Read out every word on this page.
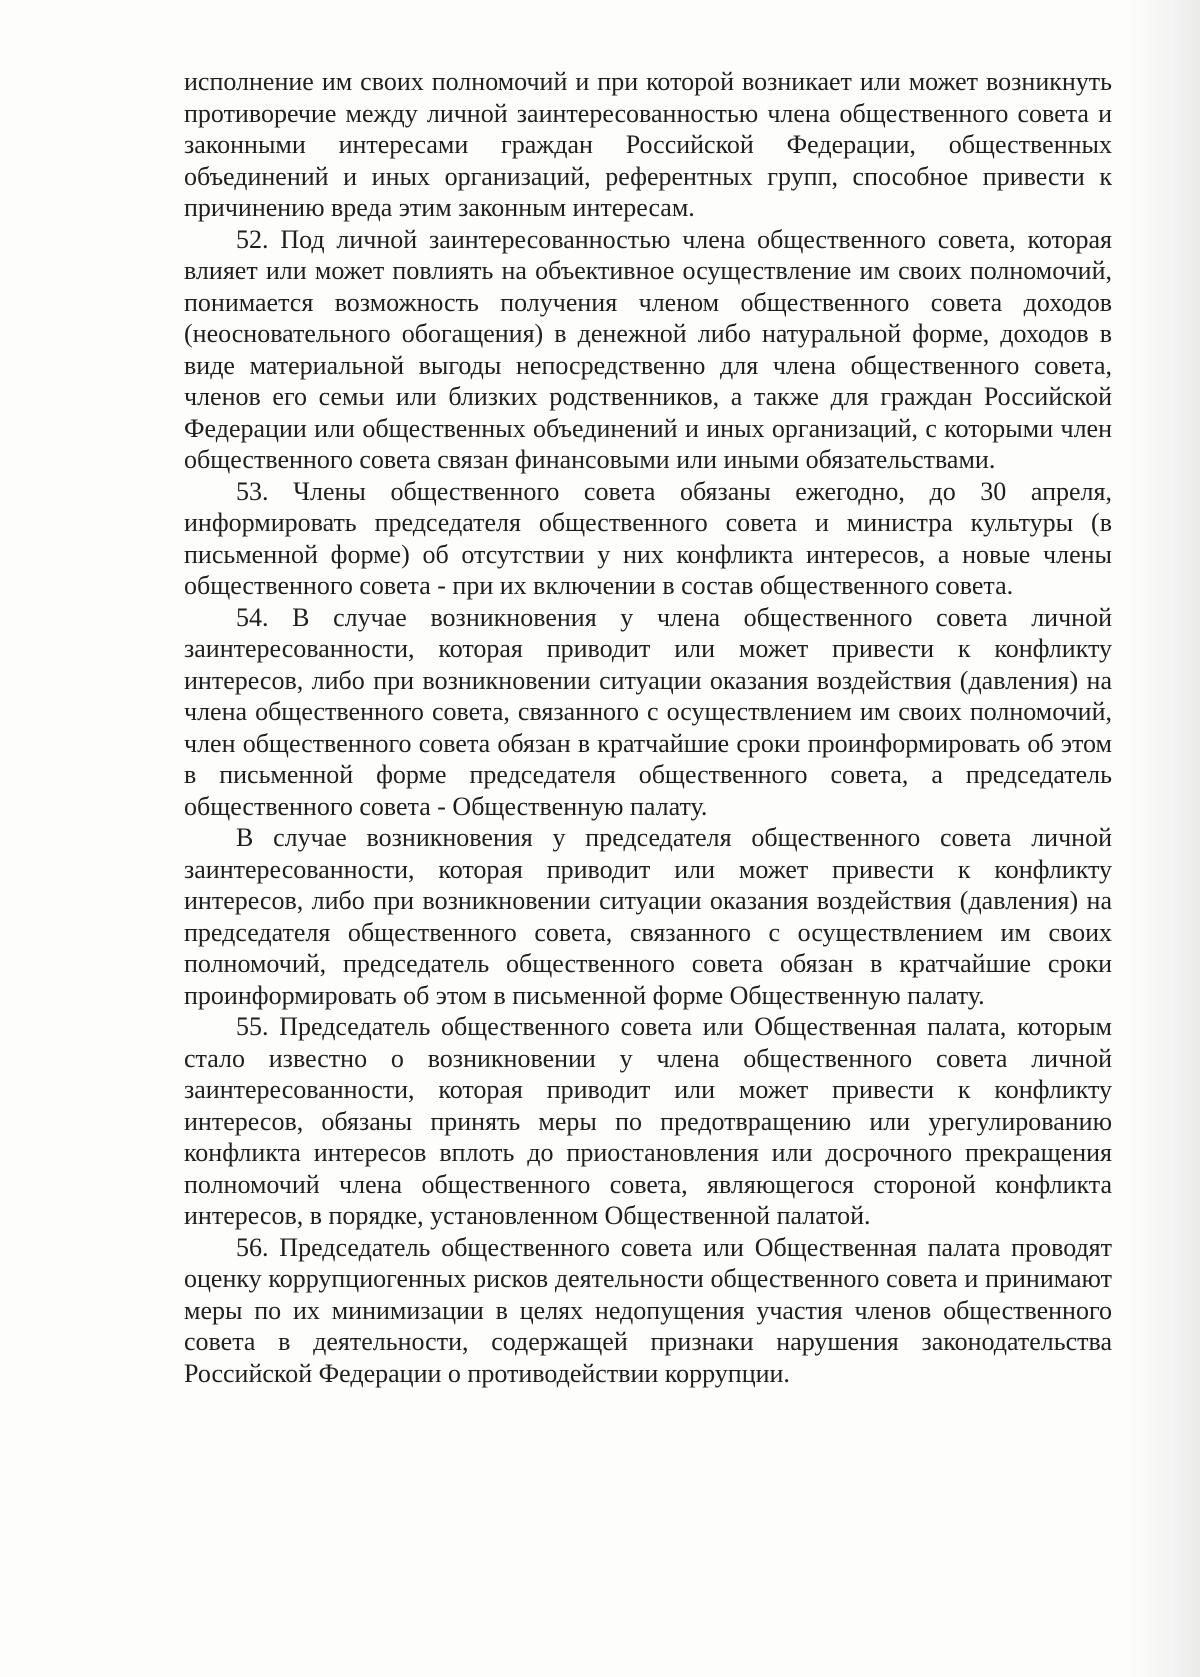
исполнение им своих полномочий и при которой возникает или может возникнуть противоречие между личной заинтересованностью члена общественного совета и законными интересами граждан Российской Федерации, общественных объединений и иных организаций, референтных групп, способное привести к причинению вреда этим законным интересам.

52. Под личной заинтересованностью члена общественного совета, которая влияет или может повлиять на объективное осуществление им своих полномочий, понимается возможность получения членом общественного совета доходов (неосновательного обогащения) в денежной либо натуральной форме, доходов в виде материальной выгоды непосредственно для члена общественного совета, членов его семьи или близких родственников, а также для граждан Российской Федерации или общественных объединений и иных организаций, с которыми член общественного совета связан финансовыми или иными обязательствами.

53. Члены общественного совета обязаны ежегодно, до 30 апреля, информировать председателя общественного совета и министра культуры (в письменной форме) об отсутствии у них конфликта интересов, а новые члены общественного совета - при их включении в состав общественного совета.

54. В случае возникновения у члена общественного совета личной заинтересованности, которая приводит или может привести к конфликту интересов, либо при возникновении ситуации оказания воздействия (давления) на члена общественного совета, связанного с осуществлением им своих полномочий, член общественного совета обязан в кратчайшие сроки проинформировать об этом в письменной форме председателя общественного совета, а председатель общественного совета - Общественную палату.

В случае возникновения у председателя общественного совета личной заинтересованности, которая приводит или может привести к конфликту интересов, либо при возникновении ситуации оказания воздействия (давления) на председателя общественного совета, связанного с осуществлением им своих полномочий, председатель общественного совета обязан в кратчайшие сроки проинформировать об этом в письменной форме Общественную палату.

55. Председатель общественного совета или Общественная палата, которым стало известно о возникновении у члена общественного совета личной заинтересованности, которая приводит или может привести к конфликту интересов, обязаны принять меры по предотвращению или урегулированию конфликта интересов вплоть до приостановления или досрочного прекращения полномочий члена общественного совета, являющегося стороной конфликта интересов, в порядке, установленном Общественной палатой.

56. Председатель общественного совета или Общественная палата проводят оценку коррупциогенных рисков деятельности общественного совета и принимают меры по их минимизации в целях недопущения участия членов общественного совета в деятельности, содержащей признаки нарушения законодательства Российской Федерации о противодействии коррупции.
